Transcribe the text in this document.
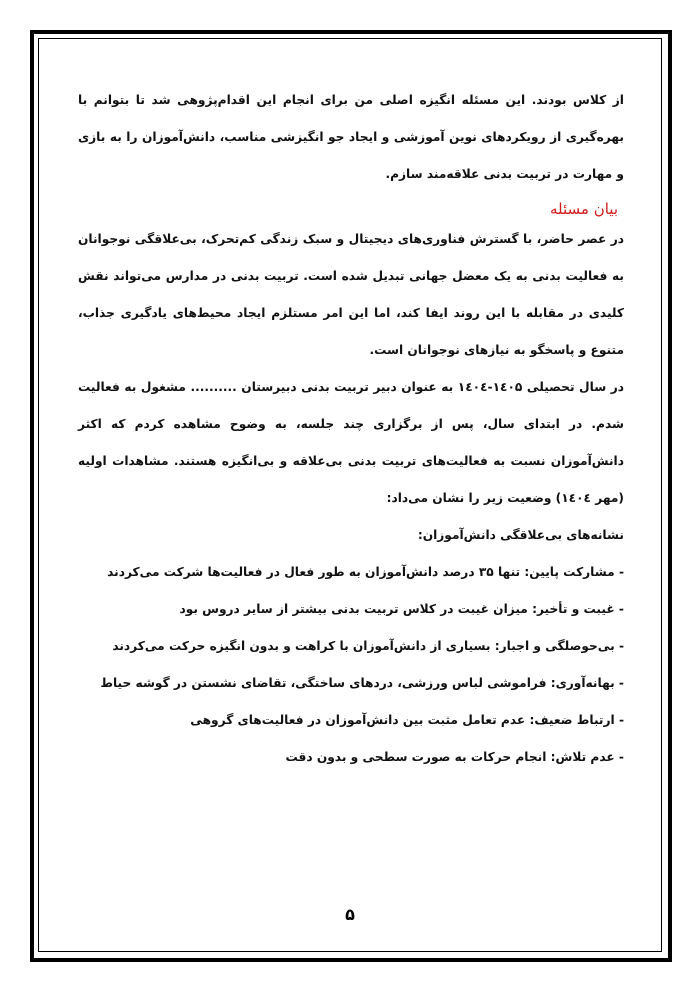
از کلاس بودند. این مسئله انگیزه اصلی من برای انجام این اقدام‌پژوهی شد تا بتوانم با بهره‌گیری از رویکردهای نوین آموزشی و ایجاد جو انگیزشی مناسب، دانش‌آموزان را به بازی و مهارت در تربیت بدنی علاقه‌مند سازم.

بیان مسئله

در عصر حاضر، با گسترش فناوری‌های دیجیتال و سبک زندگی کم‌تحرک، بی‌علاقگی نوجوانان به فعالیت بدنی به یک معضل جهانی تبدیل شده است. تربیت بدنی در مدارس می‌تواند نقش کلیدی در مقابله با این روند ایفا کند، اما این امر مستلزم ایجاد محیط‌های یادگیری جذاب، متنوع و پاسخگو به نیازهای نوجوانان است.

در سال تحصیلی ۱٤۰۵-۱٤۰٤ به عنوان دبیر تربیت بدنی دبیرستان .......... مشغول به فعالیت شدم. در ابتدای سال، پس از برگزاری چند جلسه، به وضوح مشاهده کردم که اکثر دانش‌آموزان نسبت به فعالیت‌های تربیت بدنی بی‌علاقه و بی‌انگیزه هستند. مشاهدات اولیه (مهر ۱٤۰٤) وضعیت زیر را نشان می‌داد:

نشانه‌های بی‌علاقگی دانش‌آموزان:

- مشارکت پایین: تنها ۳۵ درصد دانش‌آموزان به طور فعال در فعالیت‌ها شرکت می‌کردند
- غیبت و تأخیر: میزان غیبت در کلاس تربیت بدنی بیشتر از سایر دروس بود
- بی‌حوصلگی و اجبار: بسیاری از دانش‌آموزان با کراهت و بدون انگیزه حرکت می‌کردند
- بهانه‌آوری: فراموشی لباس ورزشی، دردهای ساختگی، تقاضای نشستن در گوشه حیاط
- ارتباط ضعیف: عدم تعامل مثبت بین دانش‌آموزان در فعالیت‌های گروهی
- عدم تلاش: انجام حرکات به صورت سطحی و بدون دقت
۵
